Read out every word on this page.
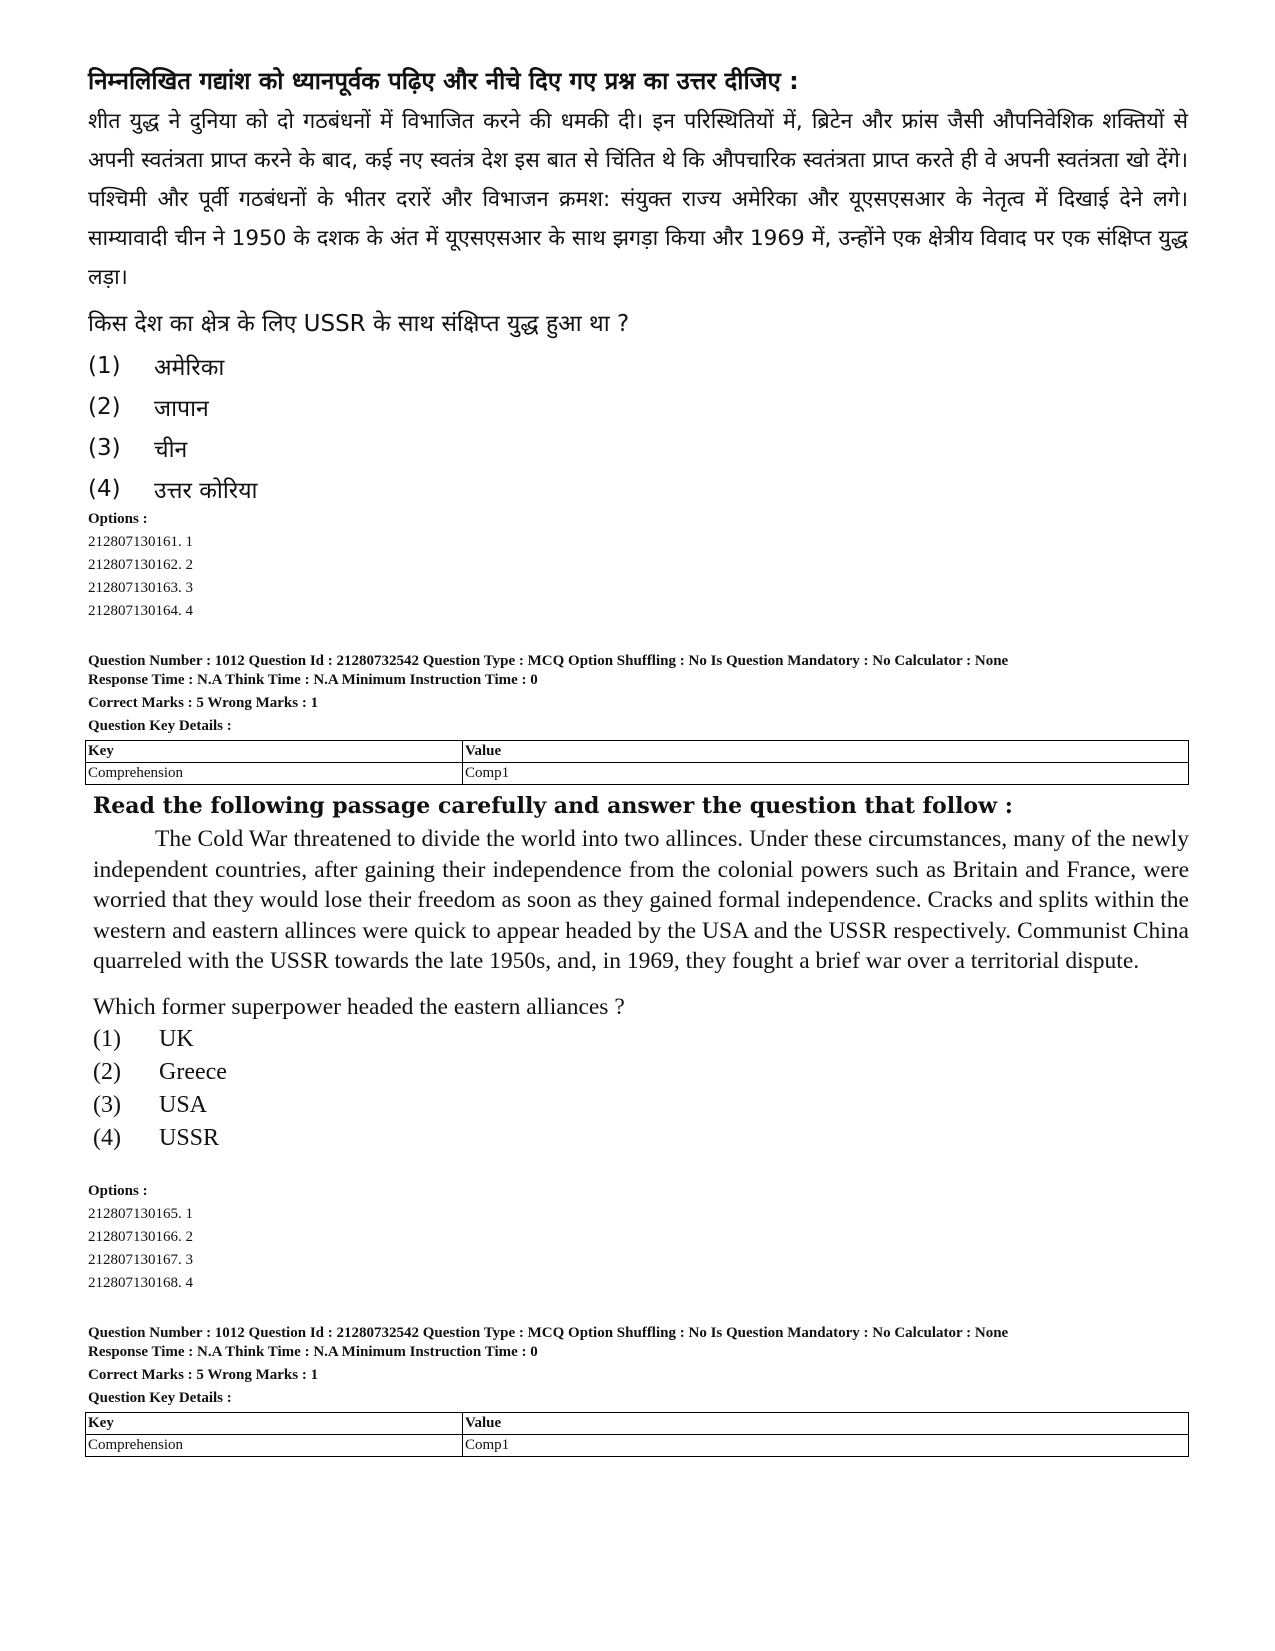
निम्नलिखित गद्यांश को ध्यानपूर्वक पढ़िए और नीचे दिए गए प्रश्न का उत्तर दीजिए :
शीत युद्ध ने दुनिया को दो गठबंधनों में विभाजित करने की धमकी दी। इन परिस्थितियों में, ब्रिटेन और फ्रांस जैसी औपनिवेशिक शक्तियों से अपनी स्वतंत्रता प्राप्त करने के बाद, कई नए स्वतंत्र देश इस बात से चिंतित थे कि औपचारिक स्वतंत्रता प्राप्त करते ही वे अपनी स्वतंत्रता खो देंगे। पश्चिमी और पूर्वी गठबंधनों के भीतर दरारें और विभाजन क्रमश: संयुक्त राज्य अमेरिका और यूएसएसआर के नेतृत्व में दिखाई देने लगे। साम्यावादी चीन ने 1950 के दशक के अंत में यूएसएसआर के साथ झगड़ा किया और 1969 में, उन्होंने एक क्षेत्रीय विवाद पर एक संक्षिप्त युद्ध लड़ा।
किस देश का क्षेत्र के लिए USSR के साथ संक्षिप्त युद्ध हुआ था ?
(1)	अमेरिका
(2)	जापान
(3)	चीन
(4)	उत्तर कोरिया
Options :
212807130161. 1
212807130162. 2
212807130163. 3
212807130164. 4
Question Number : 1012 Question Id : 21280732542 Question Type : MCQ Option Shuffling : No Is Question Mandatory : No Calculator : None
Response Time : N.A Think Time : N.A Minimum Instruction Time : 0
Correct Marks : 5 Wrong Marks : 1
Question Key Details :
Key	Value
Comprehension	Comp1
Read the following passage carefully and answer the question that follow :
The Cold War threatened to divide the world into two allinces. Under these circumstances, many of the newly independent countries, after gaining their independence from the colonial powers such as Britain and France, were worried that they would lose their freedom as soon as they gained formal independence. Cracks and splits within the western and eastern allinces were quick to appear headed by the USA and the USSR respectively. Communist China quarreled with the USSR towards the late 1950s, and, in 1969, they fought a brief war over a territorial dispute.
Which former superpower headed the eastern alliances ?
(1)	UK
(2)	Greece
(3)	USA
(4)	USSR
Options :
212807130165. 1
212807130166. 2
212807130167. 3
212807130168. 4
Question Number : 1012 Question Id : 21280732542 Question Type : MCQ Option Shuffling : No Is Question Mandatory : No Calculator : None
Response Time : N.A Think Time : N.A Minimum Instruction Time : 0
Correct Marks : 5 Wrong Marks : 1
Question Key Details :
Key	Value
Comprehension	Comp1
